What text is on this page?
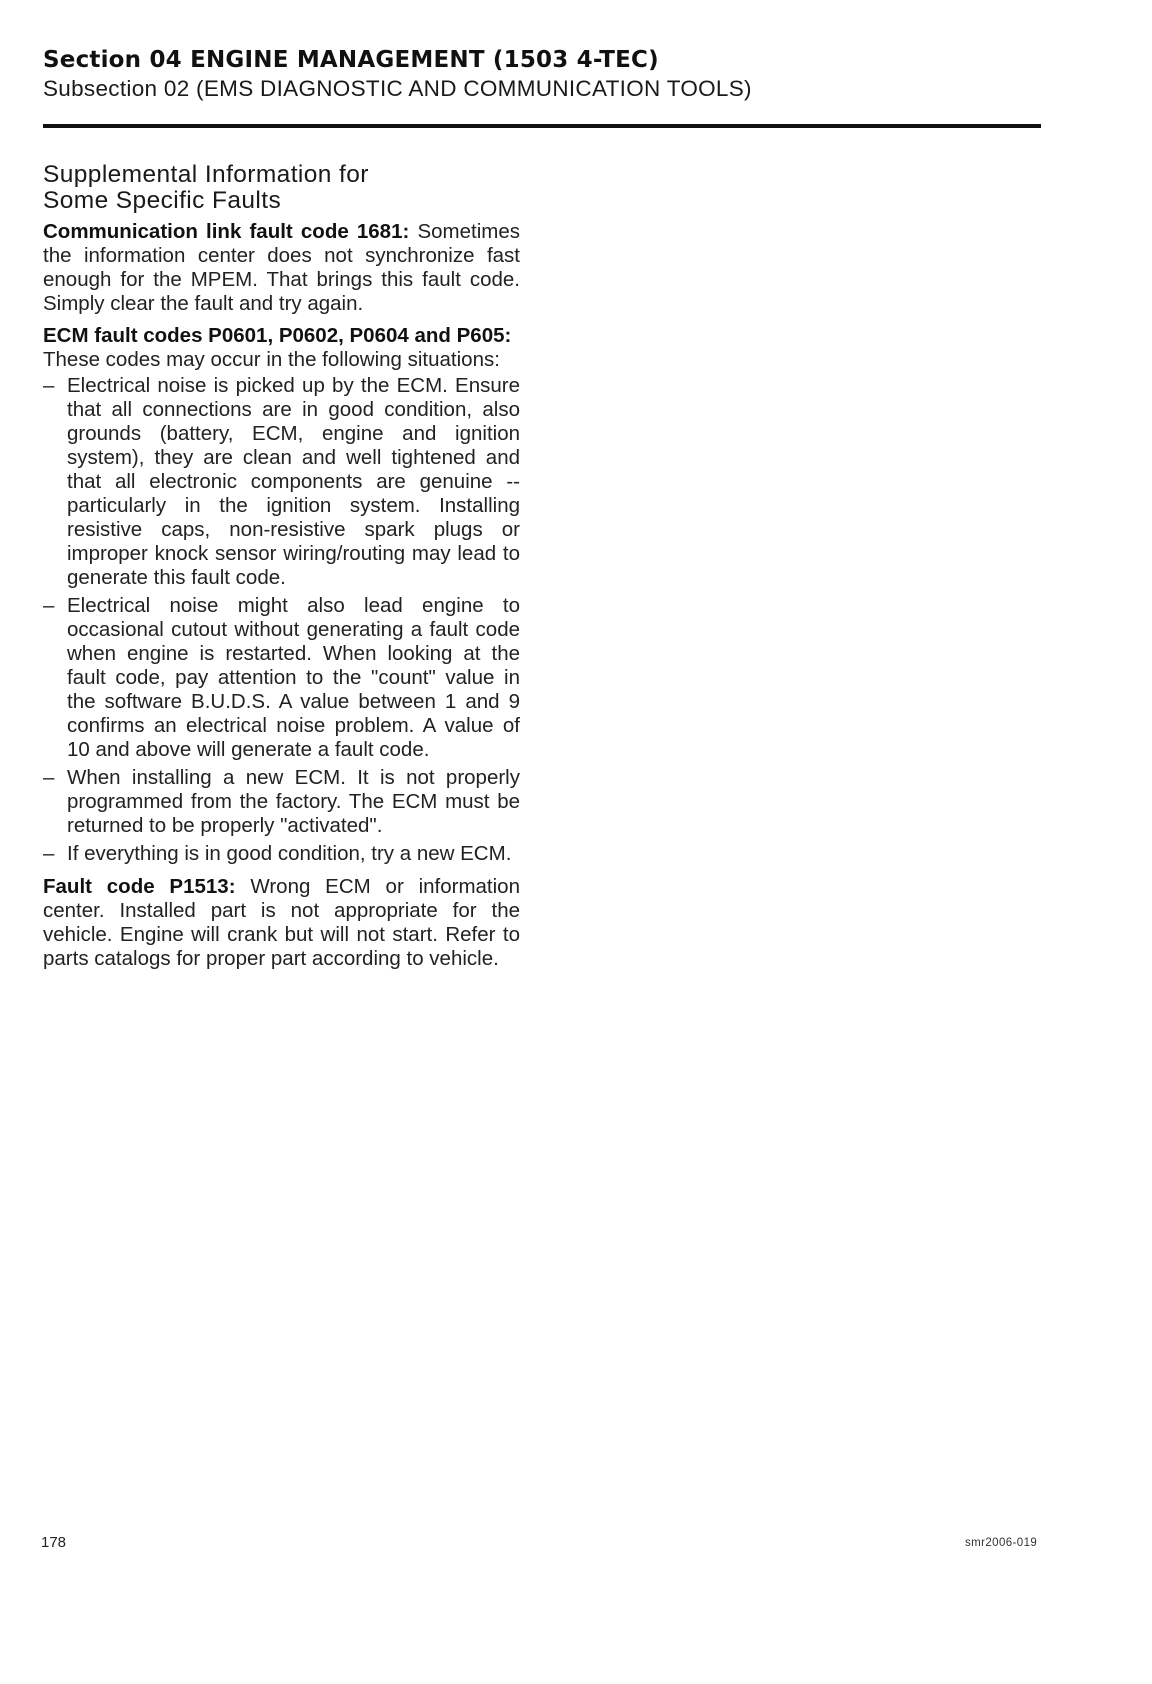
Section 04 ENGINE MANAGEMENT (1503 4-TEC)
Subsection 02 (EMS DIAGNOSTIC AND COMMUNICATION TOOLS)
Supplemental Information for
Some Specific Faults

Communication link fault code 1681: Sometimes the information center does not synchronize fast enough for the MPEM. That brings this fault code. Simply clear the fault and try again.

ECM fault codes P0601, P0602, P0604 and P605:
These codes may occur in the following situations:

– Electrical noise is picked up by the ECM. Ensure that all connections are in good condition, also grounds (battery, ECM, engine and ignition system), they are clean and well tightened and that all electronic components are genuine -- particularly in the ignition system. Installing resistive caps, non-resistive spark plugs or improper knock sensor wiring/routing may lead to generate this fault code.
– Electrical noise might also lead engine to occasional cutout without generating a fault code when engine is restarted. When looking at the fault code, pay attention to the "count" value in the software B.U.D.S. A value between 1 and 9 confirms an electrical noise problem. A value of 10 and above will generate a fault code.
– When installing a new ECM. It is not properly programmed from the factory. The ECM must be returned to be properly "activated".
– If everything is in good condition, try a new ECM.

Fault code P1513: Wrong ECM or information center. Installed part is not appropriate for the vehicle. Engine will crank but will not start. Refer to parts catalogs for proper part according to vehicle.

178	smr2006-019
